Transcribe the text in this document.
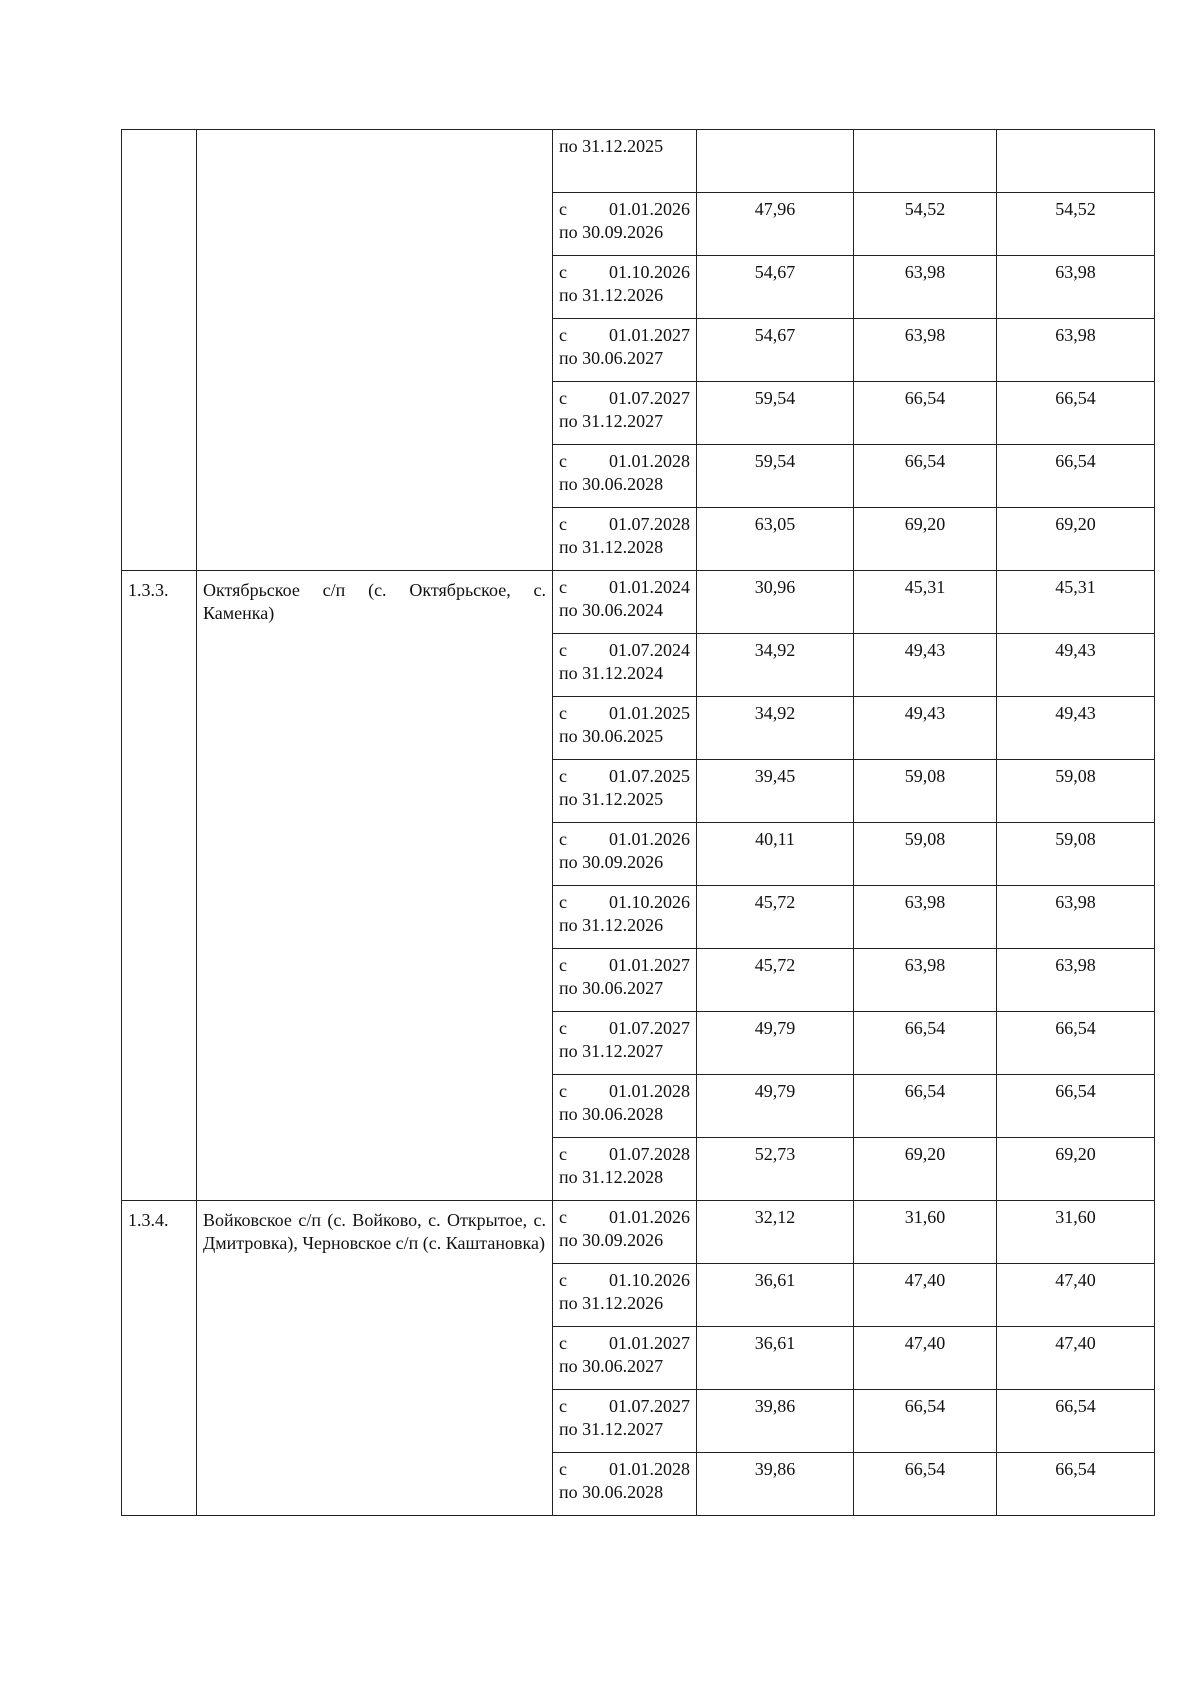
		по 31.12.2025			

		с 01.01.2026
по 30.09.2026	47,96	54,52	54,52

		с 01.10.2026
по 31.12.2026	54,67	63,98	63,98

		с 01.01.2027
по 30.06.2027	54,67	63,98	63,98

		с 01.07.2027
по 31.12.2027	59,54	66,54	66,54

		с 01.01.2028
по 30.06.2028	59,54	66,54	66,54

		с 01.07.2028
по 31.12.2028	63,05	69,20	69,20
1.3.3.	Октябрьское с/п (с. Октябрьское, с. Каменка)	с 01.01.2024
по 30.06.2024	30,96	45,31	45,31

		с 01.07.2024
по 31.12.2024	34,92	49,43	49,43

		с 01.01.2025
по 30.06.2025	34,92	49,43	49,43

		с 01.07.2025
по 31.12.2025	39,45	59,08	59,08

		с 01.01.2026
по 30.09.2026	40,11	59,08	59,08

		с 01.10.2026
по 31.12.2026	45,72	63,98	63,98

		с 01.01.2027
по 30.06.2027	45,72	63,98	63,98

		с 01.07.2027
по 31.12.2027	49,79	66,54	66,54

		с 01.01.2028
по 30.06.2028	49,79	66,54	66,54

		с 01.07.2028
по 31.12.2028	52,73	69,20	69,20
1.3.4.	Войковское с/п (с. Войково, с. Открытое, с. Дмитровка), Черновское с/п (с. Каштановка)	с 01.01.2026
по 30.09.2026	32,12	31,60	31,60

		с 01.10.2026
по 31.12.2026	36,61	47,40	47,40

		с 01.01.2027
по 30.06.2027	36,61	47,40	47,40

		с 01.07.2027
по 31.12.2027	39,86	66,54	66,54

		с 01.01.2028
по 30.06.2028	39,86	66,54	66,54
